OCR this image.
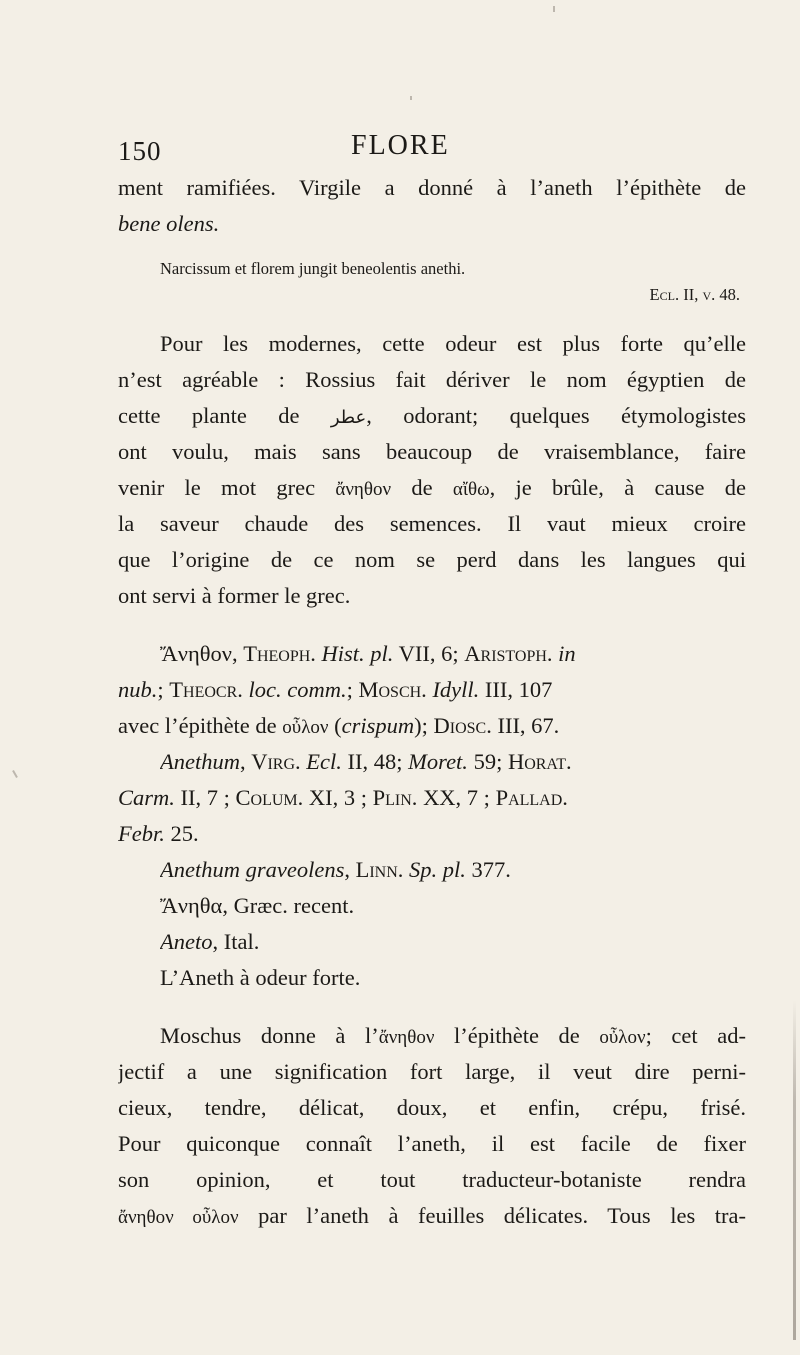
150	FLORE
ment ramifiées. Virgile a donné à l’aneth l’épithète de
bene olens.
Narcissum et florem jungit beneolentis anethi.
Ecl. II, v. 48.
Pour les modernes, cette odeur est plus forte qu’elle
n’est agréable : Rossius fait dériver le nom égyptien de
cette plante de عطر, odorant; quelques étymologistes
ont voulu, mais sans beaucoup de vraisemblance, faire
venir le mot grec ἄνηθον de αἴθω, je brûle, à cause de
la saveur chaude des semences. Il vaut mieux croire
que l’origine de ce nom se perd dans les langues qui
ont servi à former le grec.
Ἄνηθον, Theoph. Hist. pl. VII, 6; Aristoph. in
nub.; Theocr. loc. comm.; Mosch. Idyll. III, 107
avec l’épithète de οὖλον (crispum); Diosc. III, 67.
Anethum, Virg. Ecl. II, 48; Moret. 59; Horat.
Carm. II, 7 ; Colum. XI, 3 ; Plin. XX, 7 ; Pallad.
Febr. 25.
Anethum graveolens, Linn. Sp. pl. 377.
Ἄνηθα, Græc. recent.
Aneto, Ital.
L’Aneth à odeur forte.
Moschus donne à l’ἄνηθον l’épithète de οὖλον; cet ad-
jectif a une signification fort large, il veut dire perni-
cieux, tendre, délicat, doux, et enfin, crépu, frisé.
Pour quiconque connaît l’aneth, il est facile de fixer
son opinion, et tout traducteur-botaniste rendra
ἄνηθον οὖλον par l’aneth à feuilles délicates. Tous les tra-
